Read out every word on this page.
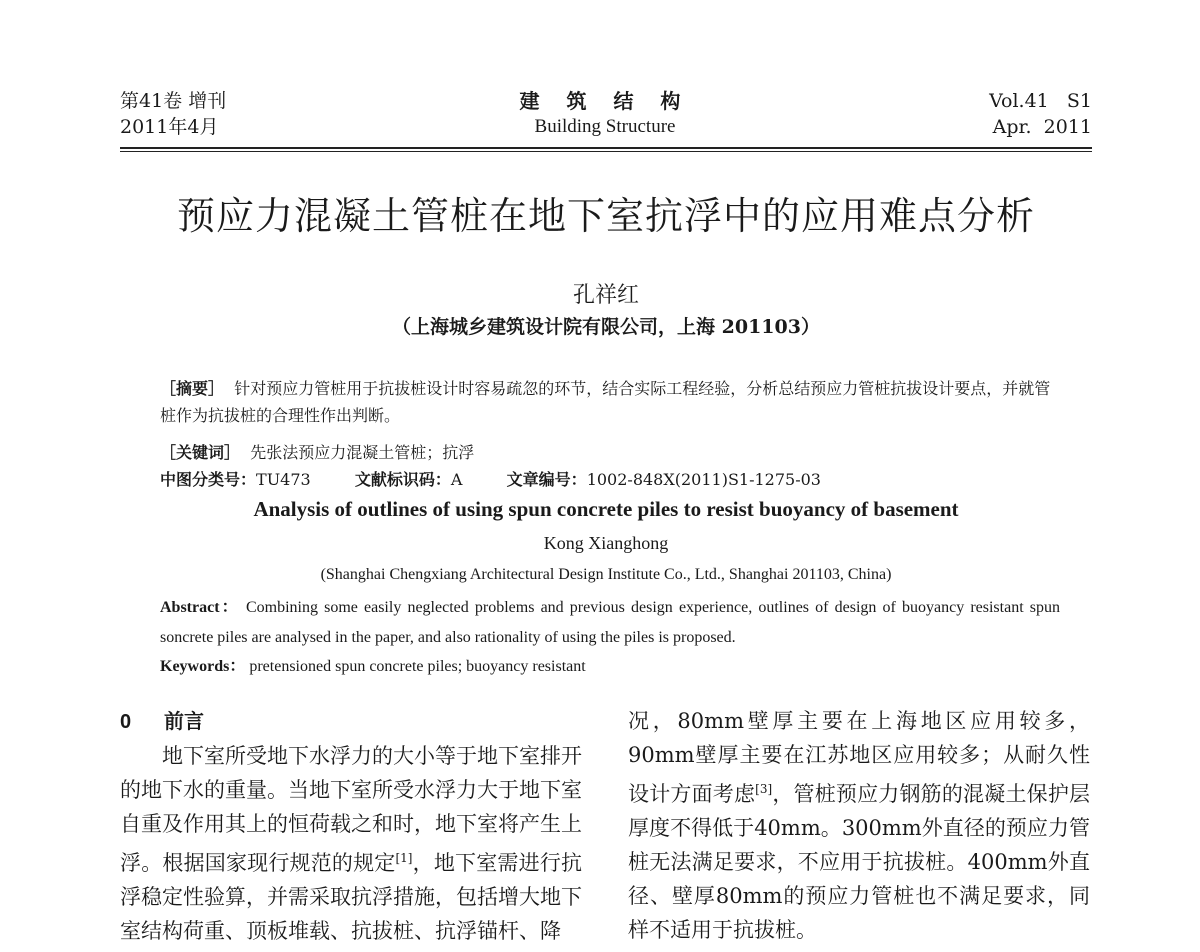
第41卷 增刊
2011年4月
建 筑 结 构
Building Structure
Vol.41   S1
Apr.  2011
预应力混凝土管桩在地下室抗浮中的应用难点分析
孔祥红
（上海城乡建筑设计院有限公司，上海 201103）
［摘要］ 针对预应力管桩用于抗拔桩设计时容易疏忽的环节，结合实际工程经验，分析总结预应力管桩抗拔设计要点，并就管桩作为抗拔桩的合理性作出判断。
［关键词］ 先张法预应力混凝土管桩；抗浮
中图分类号：TU473	文献标识码：A	文章编号：1002-848X(2011)S1-1275-03
Analysis of outlines of using spun concrete piles to resist buoyancy of basement
Kong Xianghong
(Shanghai Chengxiang Architectural Design Institute Co., Ltd., Shanghai 201103, China)
Abstract： Combining some easily neglected problems and previous design experience, outlines of design of buoyancy resistant spun soncrete piles are analysed in the paper, and also rationality of using the piles is proposed.
Keywords： pretensioned spun concrete piles; buoyancy resistant
0 前言

地下室所受地下水浮力的大小等于地下室排开的地下水的重量。当地下室所受水浮力大于地下室自重及作用其上的恒荷载之和时，地下室将产生上浮。根据国家现行规范的规定[1]，地下室需进行抗浮稳定性验算，并需采取抗浮措施，包括增大地下室结构荷重、顶板堆载、抗拔桩、抗浮锚杆、降

况，80mm壁厚主要在上海地区应用较多，90mm壁厚主要在江苏地区应用较多；从耐久性设计方面考虑[3]，管桩预应力钢筋的混凝土保护层厚度不得低于40mm。300mm外直径的预应力管桩无法满足要求，不应用于抗拔桩。400mm外直径、壁厚80mm的预应力管桩也不满足要求，同样不适用于抗拔桩。
